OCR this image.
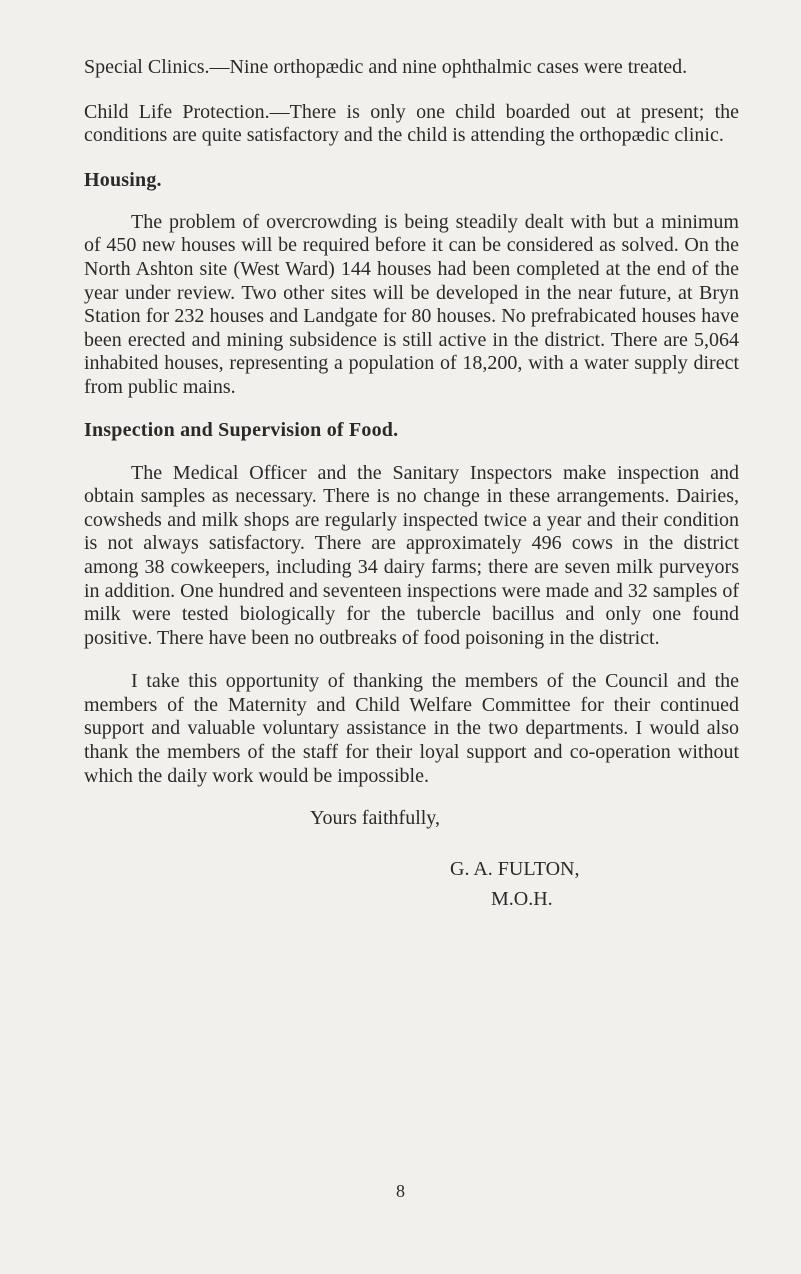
Special Clinics.—Nine orthopædic and nine ophthalmic cases were treated.

Child Life Protection.—There is only one child boarded out at present; the conditions are quite satisfactory and the child is attending the orthopædic clinic.

Housing.

The problem of overcrowding is being steadily dealt with but a minimum of 450 new houses will be required before it can be considered as solved. On the North Ashton site (West Ward) 144 houses had been completed at the end of the year under review. Two other sites will be developed in the near future, at Bryn Station for 232 houses and Landgate for 80 houses. No prefrabicated houses have been erected and mining subsidence is still active in the district. There are 5,064 inhabited houses, representing a population of 18,200, with a water supply direct from public mains.

Inspection and Supervision of Food.

The Medical Officer and the Sanitary Inspectors make inspection and obtain samples as necessary. There is no change in these arrangements. Dairies, cowsheds and milk shops are regularly inspected twice a year and their condition is not always satisfactory. There are approximately 496 cows in the district among 38 cowkeepers, including 34 dairy farms; there are seven milk purveyors in addition. One hundred and seventeen inspections were made and 32 samples of milk were tested biologically for the tubercle bacillus and only one found positive. There have been no outbreaks of food poisoning in the district.

I take this opportunity of thanking the members of the Council and the members of the Maternity and Child Welfare Committee for their continued support and valuable voluntary assistance in the two departments. I would also thank the members of the staff for their loyal support and co-operation without which the daily work would be impossible.

Yours faithfully,
G. A. FULTON,
M.O.H.
8
